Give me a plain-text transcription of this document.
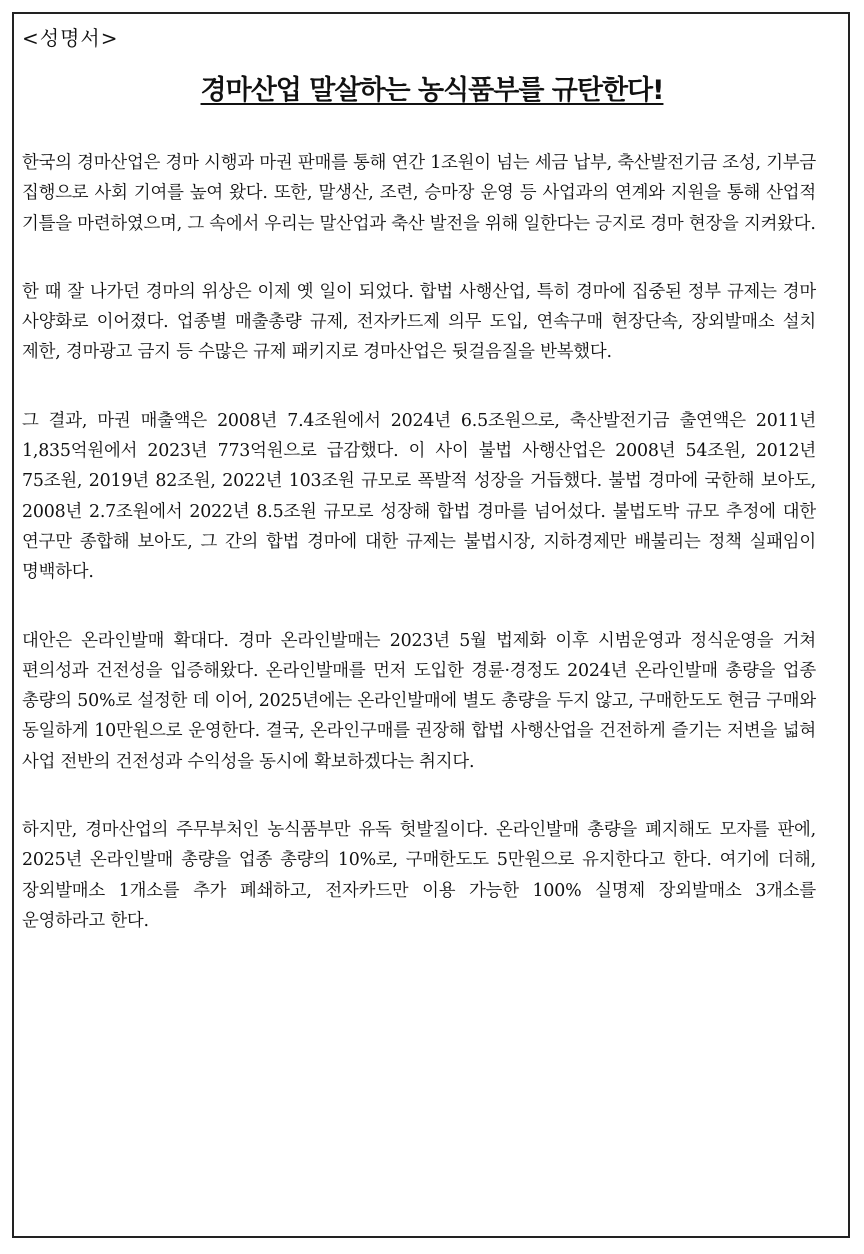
<성명서>
경마산업 말살하는 농식품부를 규탄한다!

한국의 경마산업은 경마 시행과 마권 판매를 통해 연간 1조원이 넘는 세금 납부, 축산발전기금 조성, 기부금 집행으로 사회 기여를 높여 왔다. 또한, 말생산, 조련, 승마장 운영 등 사업과의 연계와 지원을 통해 산업적 기틀을 마련하였으며, 그 속에서 우리는 말산업과 축산 발전을 위해 일한다는 긍지로 경마 현장을 지켜왔다.

한 때 잘 나가던 경마의 위상은 이제 옛 일이 되었다. 합법 사행산업, 특히 경마에 집중된 정부 규제는 경마 사양화로 이어졌다. 업종별 매출총량 규제, 전자카드제 의무 도입, 연속구매 현장단속, 장외발매소 설치 제한, 경마광고 금지 등 수많은 규제 패키지로 경마산업은 뒷걸음질을 반복했다.

그 결과, 마권 매출액은 2008년 7.4조원에서 2024년 6.5조원으로, 축산발전기금 출연액은 2011년 1,835억원에서 2023년 773억원으로 급감했다. 이 사이 불법 사행산업은 2008년 54조원, 2012년 75조원, 2019년 82조원, 2022년 103조원 규모로 폭발적 성장을 거듭했다. 불법 경마에 국한해 보아도, 2008년 2.7조원에서 2022년 8.5조원 규모로 성장해 합법 경마를 넘어섰다. 불법도박 규모 추정에 대한 연구만 종합해 보아도, 그 간의 합법 경마에 대한 규제는 불법시장, 지하경제만 배불리는 정책 실패임이 명백하다.

대안은 온라인발매 확대다. 경마 온라인발매는 2023년 5월 법제화 이후 시범운영과 정식운영을 거쳐 편의성과 건전성을 입증해왔다. 온라인발매를 먼저 도입한 경륜·경정도 2024년 온라인발매 총량을 업종 총량의 50%로 설정한 데 이어, 2025년에는 온라인발매에 별도 총량을 두지 않고, 구매한도도 현금 구매와 동일하게 10만원으로 운영한다. 결국, 온라인구매를 권장해 합법 사행산업을 건전하게 즐기는 저변을 넓혀 사업 전반의 건전성과 수익성을 동시에 확보하겠다는 취지다.

하지만, 경마산업의 주무부처인 농식품부만 유독 헛발질이다. 온라인발매 총량을 폐지해도 모자를 판에, 2025년 온라인발매 총량을 업종 총량의 10%로, 구매한도도 5만원으로 유지한다고 한다. 여기에 더해, 장외발매소 1개소를 추가 폐쇄하고, 전자카드만 이용 가능한 100% 실명제 장외발매소 3개소를 운영하라고 한다.
